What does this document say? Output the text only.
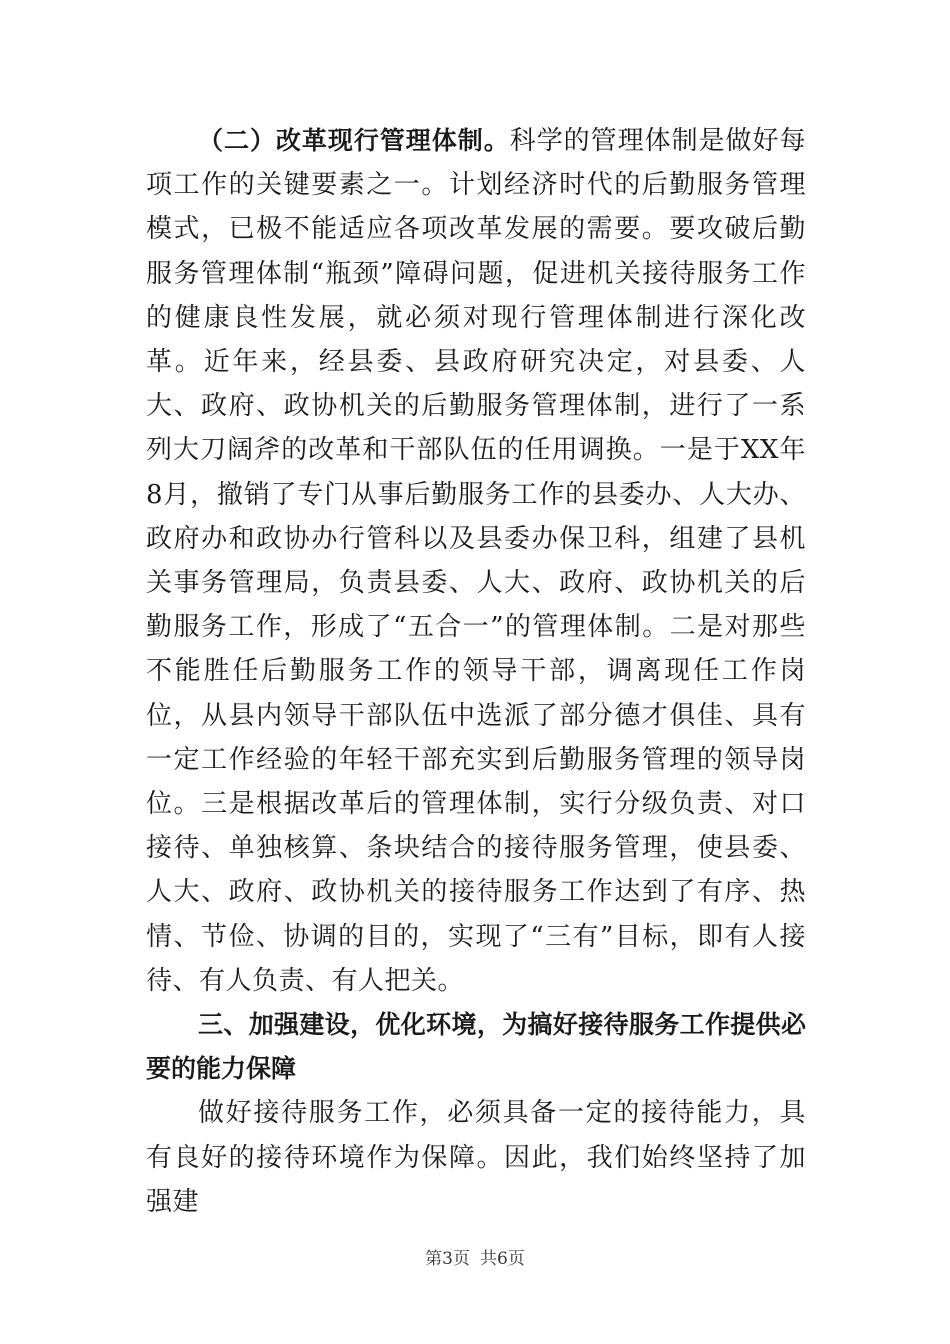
（二）改革现行管理体制。科学的管理体制是做好每项工作的关键要素之一。计划经济时代的后勤服务管理模式，已极不能适应各项改革发展的需要。要攻破后勤服务管理体制“瓶颈”障碍问题，促进机关接待服务工作的健康良性发展，就必须对现行管理体制进行深化改革。近年来，经县委、县政府研究决定，对县委、人大、政府、政协机关的后勤服务管理体制，进行了一系列大刀阔斧的改革和干部队伍的任用调换。一是于XX年8月，撤销了专门从事后勤服务工作的县委办、人大办、政府办和政协办行管科以及县委办保卫科，组建了县机关事务管理局，负责县委、人大、政府、政协机关的后勤服务工作，形成了“五合一”的管理体制。二是对那些不能胜任后勤服务工作的领导干部，调离现任工作岗位，从县内领导干部队伍中选派了部分德才俱佳、具有一定工作经验的年轻干部充实到后勤服务管理的领导岗位。三是根据改革后的管理体制，实行分级负责、对口接待、单独核算、条块结合的接待服务管理，使县委、人大、政府、政协机关的接待服务工作达到了有序、热情、节俭、协调的目的，实现了“三有”目标，即有人接待、有人负责、有人把关。

三、加强建设，优化环境，为搞好接待服务工作提供必要的能力保障

做好接待服务工作，必须具备一定的接待能力，具有良好的接待环境作为保障。因此，我们始终坚持了加强建

第3页 共6页
